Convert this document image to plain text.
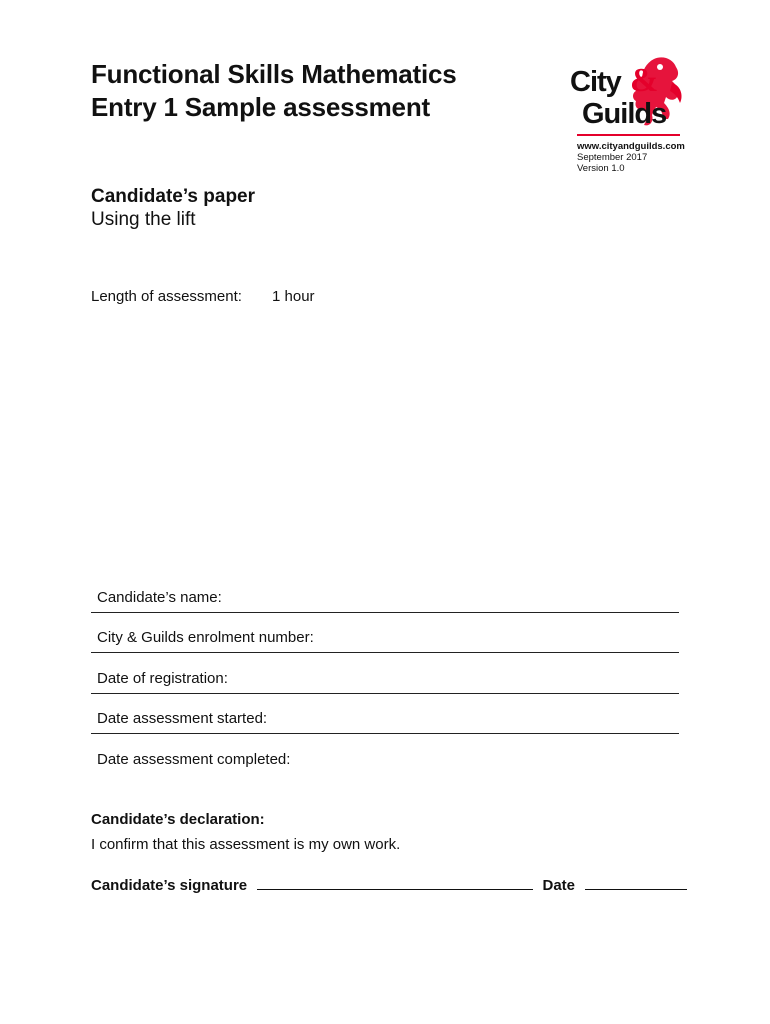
Functional Skills Mathematics
Entry 1 Sample assessment
City &
Guilds
www.cityandguilds.com
September 2017
Version 1.0
Candidate’s paper
Using the lift
Length of assessment: 1 hour
Candidate’s name:
City & Guilds enrolment number:
Date of registration:
Date assessment started:
Date assessment completed:
Candidate’s declaration:
I confirm that this assessment is my own work.
Candidate’s signature	Date	__
